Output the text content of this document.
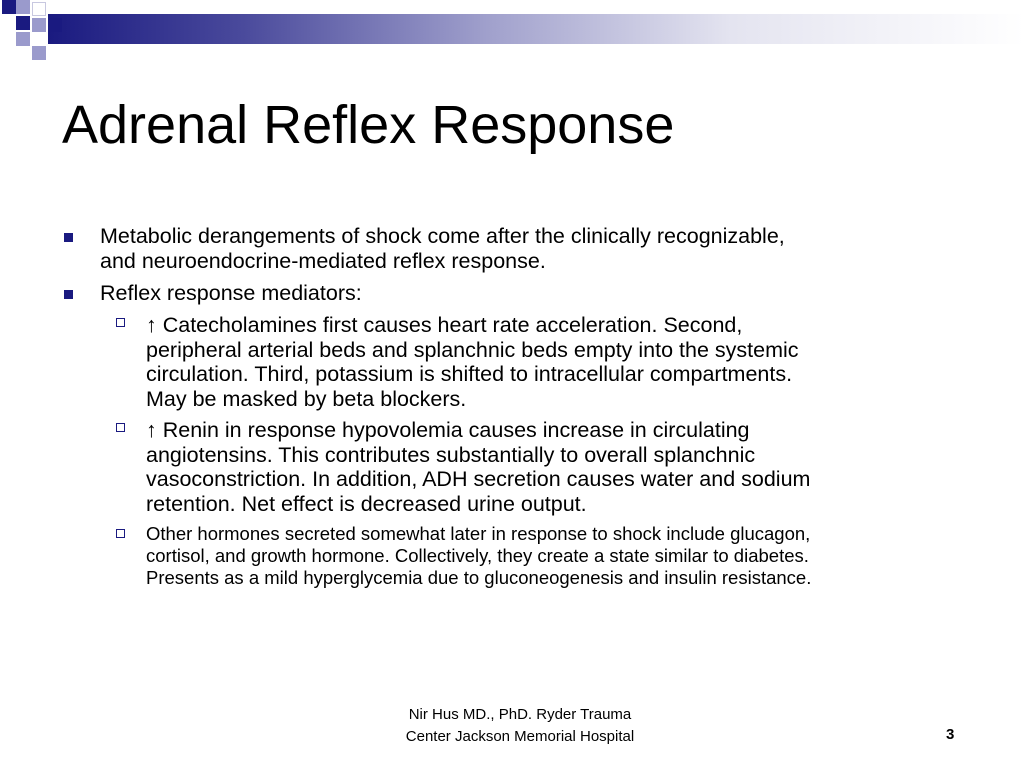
Adrenal Reflex Response
Metabolic derangements of shock come after the clinically recognizable,
and neuroendocrine-mediated reflex response.
Reflex response mediators:
↑ Catecholamines first causes heart rate acceleration. Second,
peripheral arterial beds and splanchnic beds empty into the systemic
circulation. Third, potassium is shifted to intracellular compartments.
May be masked by beta blockers.
↑ Renin in response hypovolemia causes increase in circulating
angiotensins. This contributes substantially to overall splanchnic
vasoconstriction. In addition, ADH secretion causes water and sodium
retention. Net effect is decreased urine output.
Other hormones secreted somewhat later in response to shock include glucagon,
cortisol, and growth hormone. Collectively, they create a state similar to diabetes.
Presents as a mild hyperglycemia due to gluconeogenesis and insulin resistance.
Nir Hus MD., PhD. Ryder Trauma
Center Jackson Memorial Hospital	3
